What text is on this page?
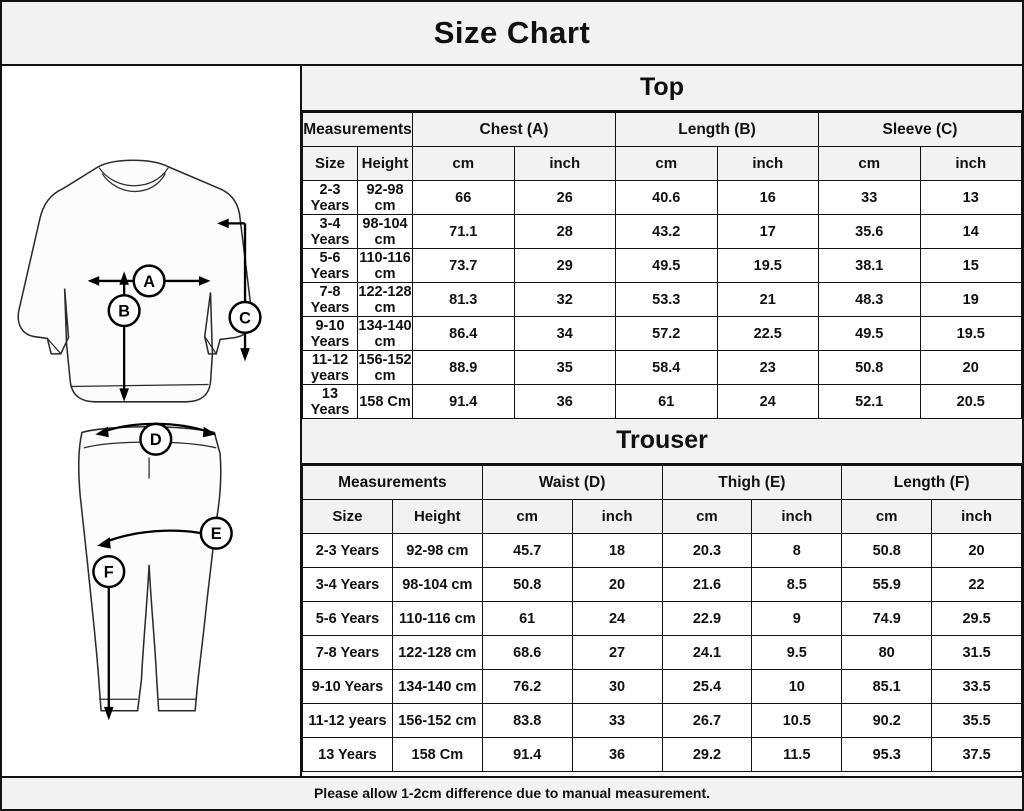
Size Chart
A
B	C
D
E
F
Top
Measurements		Chest (A)		Length (B)		Sleeve (C)	
Size	Height	cm	inch	cm	inch	cm	inch
2-3 Years	92-98 cm	66	26	40.6	16	33	13
3-4 Years	98-104 cm	71.1	28	43.2	17	35.6	14
5-6 Years	110-116 cm	73.7	29	49.5	19.5	38.1	15
7-8 Years	122-128 cm	81.3	32	53.3	21	48.3	19
9-10 Years	134-140 cm	86.4	34	57.2	22.5	49.5	19.5
11-12 years	156-152 cm	88.9	35	58.4	23	50.8	20
13 Years	158 Cm	91.4	36	61	24	52.1	20.5
Trouser
Measurements		Waist (D)		Thigh (E)		Length (F)	
Size	Height	cm	inch	cm	inch	cm	inch
2-3 Years	92-98 cm	45.7	18	20.3	8	50.8	20
3-4 Years	98-104 cm	50.8	20	21.6	8.5	55.9	22
5-6 Years	110-116 cm	61	24	22.9	9	74.9	29.5
7-8 Years	122-128 cm	68.6	27	24.1	9.5	80	31.5
9-10 Years	134-140 cm	76.2	30	25.4	10	85.1	33.5
11-12 years	156-152 cm	83.8	33	26.7	10.5	90.2	35.5
13 Years	158 Cm	91.4	36	29.2	11.5	95.3	37.5
Please allow 1-2cm difference due to manual measurement.
